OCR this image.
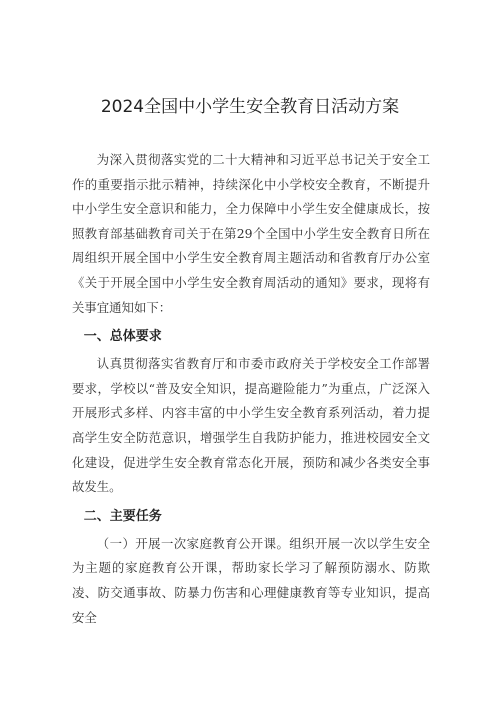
2024全国中小学生安全教育日活动方案

为深入贯彻落实党的二十大精神和习近平总书记关于安全工作的重要指示批示精神，持续深化中小学校安全教育，不断提升中小学生安全意识和能力，全力保障中小学生安全健康成长，按照教育部基础教育司关于在第29个全国中小学生安全教育日所在周组织开展全国中小学生安全教育周主题活动和省教育厅办公室《关于开展全国中小学生安全教育周活动的通知》要求，现将有关事宜通知如下：

一、总体要求

认真贯彻落实省教育厅和市委市政府关于学校安全工作部署要求，学校以“普及安全知识，提高避险能力”为重点，广泛深入开展形式多样、内容丰富的中小学生安全教育系列活动，着力提高学生安全防范意识，增强学生自我防护能力，推进校园安全文化建设，促进学生安全教育常态化开展，预防和减少各类安全事故发生。

二、主要任务

（一）开展一次家庭教育公开课。组织开展一次以学生安全为主题的家庭教育公开课，帮助家长学习了解预防溺水、防欺凌、防交通事故、防暴力伤害和心理健康教育等专业知识，提高安全
